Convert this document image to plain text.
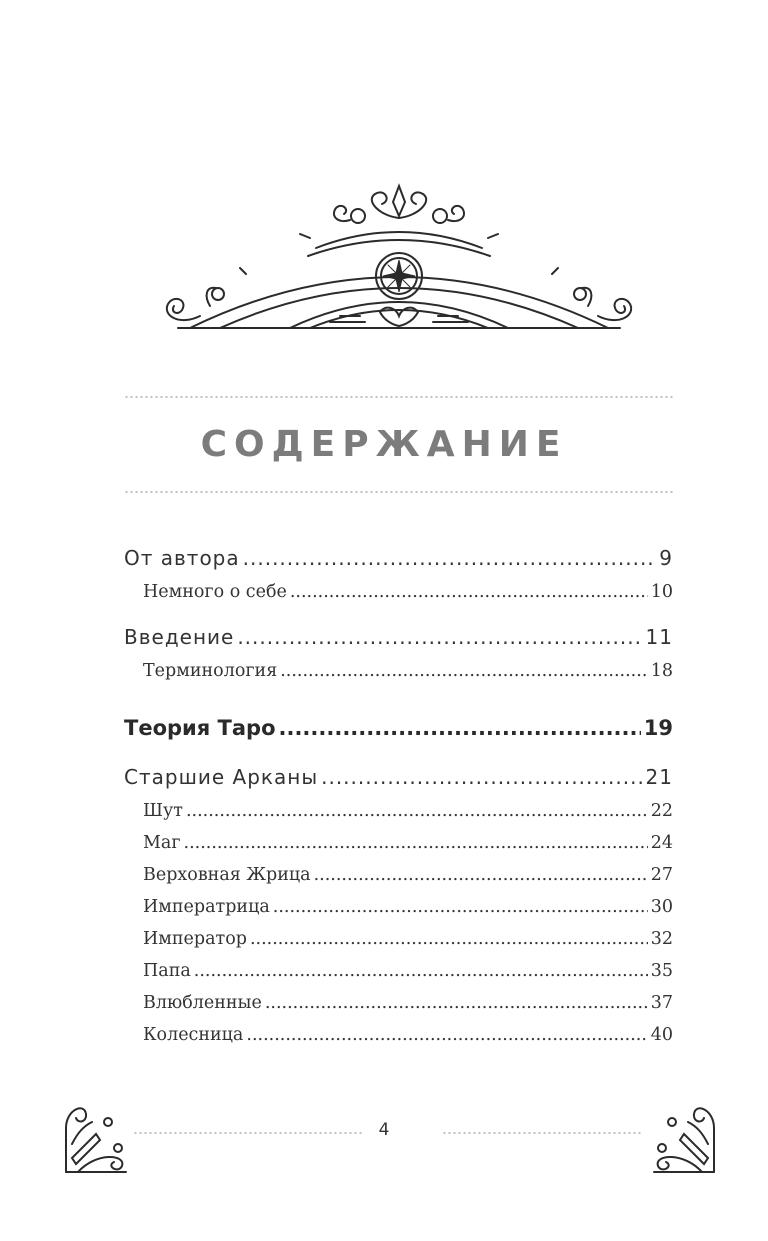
СОДЕРЖАНИЕ
От автора .....	9
Немного о себе .....	10
Введение .....	11
Терминология .....	18
Теория Таро .....	19
Старшие Арканы .....	21
Шут .....	22
Маг .....	24
Верховная Жрица .....	27
Императрица .....	30
Император .....	32
Папа .....	35
Влюбленные .....	37
Колесница .....	40
4
